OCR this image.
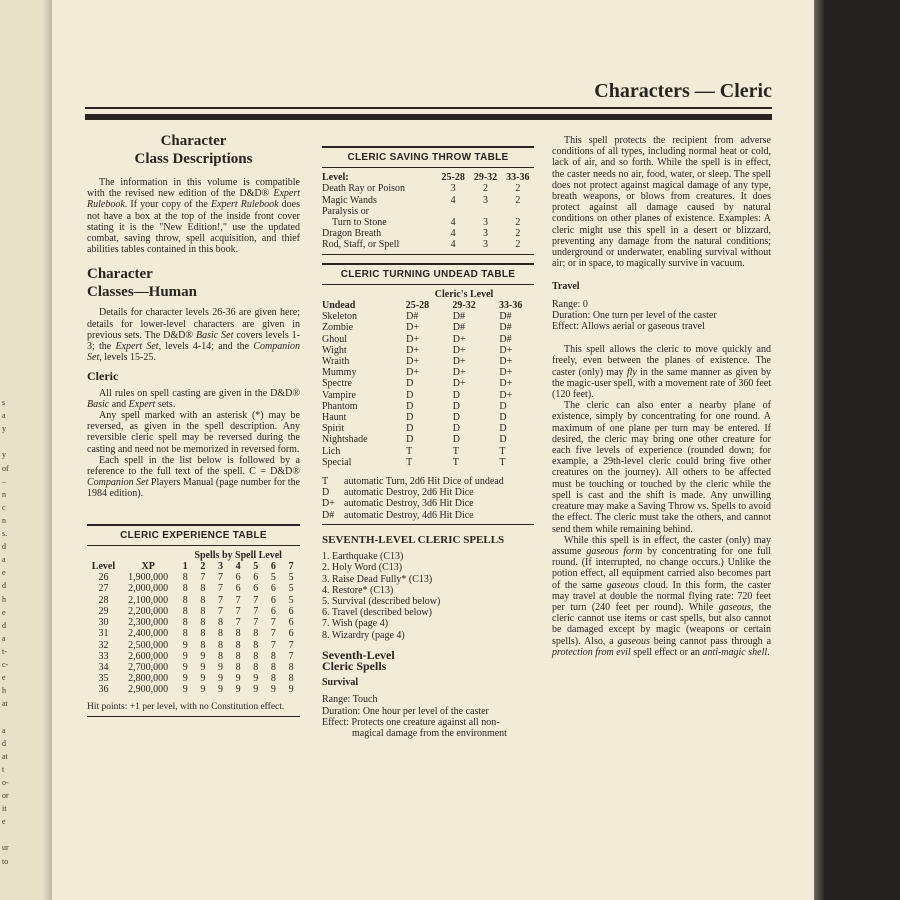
s
a
y
y
of
–
n
c
n
s.
d
a
e
d
h
e
d
a
t-
c-
e
h
at
a
d
at
t
o-
or
it
e
ur
to
Characters — Cleric
Character
Class Descriptions

The information in this volume is compatible with the revised new edition of the D&D® Expert Rulebook. If your copy of the Expert Rulebook does not have a box at the top of the inside front cover stating it is the "New Edition!," use the updated combat, saving throw, spell acquisition, and thief abilities tables contained in this book.

Character
Classes—Human

Details for character levels 26-36 are given here; details for lower-level characters are given in previous sets. The D&D® Basic Set covers levels 1-3; the Expert Set, levels 4-14; and the Companion Set, levels 15-25.

Cleric

All rules on spell casting are given in the D&D® Basic and Expert sets.

Any spell marked with an asterisk (*) may be reversed, as given in the spell description. Any reversible cleric spell may be reversed during the casting and need not be memorized in reversed form.

Each spell in the list below is followed by a reference to the full text of the spell. C = D&D® Companion Set Players Manual (page number for the 1984 edition).

CLERIC EXPERIENCE TABLE
		Spells by Spell Level						
Level	XP	1	2	3	4	5	6	7
26	1,900,000	8	7	7	6	6	5	5
27	2,000,000	8	8	7	6	6	6	5
28	2,100,000	8	8	7	7	7	6	5
29	2,200,000	8	8	7	7	7	6	6
30	2,300,000	8	8	8	7	7	7	6
31	2,400,000	8	8	8	8	8	7	6
32	2,500,000	9	8	8	8	8	7	7
33	2,600,000	9	9	8	8	8	8	7
34	2,700,000	9	9	9	8	8	8	8
35	2,800,000	9	9	9	9	9	8	8
36	2,900,000	9	9	9	9	9	9	9

Hit points: +1 per level, with no Constitution effect.

CLERIC SAVING THROW TABLE
Level:	25-28	29-32	33-36
Death Ray or Poison	3	2	2
Magic Wands	4	3	2
Paralysis or			
Turn to Stone	4	3	2
Dragon Breath	4	3	2
Rod, Staff, or Spell	4	3	2
CLERIC TURNING UNDEAD TABLE
	Cleric's Level		
Undead	25-28	29-32	33-36
Skeleton	D#	D#	D#
Zombie	D+	D#	D#
Ghoul	D+	D+	D#
Wight	D+	D+	D+
Wraith	D+	D+	D+
Mummy	D+	D+	D+
Spectre	D	D+	D+
Vampire	D	D	D+
Phantom	D	D	D
Haunt	D	D	D
Spirit	D	D	D
Nightshade	D	D	D
Lich	T	T	T
Special	T	T	T
T	automatic Turn, 2d6 Hit Dice of undead
D	automatic Destroy, 2d6 Hit Dice
D+ automatic Destroy, 3d6 Hit Dice
D# automatic Destroy, 4d6 Hit Dice
SEVENTH-LEVEL CLERIC SPELLS
1. Earthquake (C13)
2. Holy Word (C13)
3. Raise Dead Fully* (C13)
4. Restore* (C13)
5. Survival (described below)
6. Travel (described below)
7. Wish (page 4)
8. Wizardry (page 4)
Seventh-Level
Cleric Spells
Survival
Range: Touch
Duration: One hour per level of the caster
Effect: Protects one creature against all non-
magical damage from the environment

This spell protects the recipient from adverse conditions of all types, including normal heat or cold, lack of air, and so forth. While the spell is in effect, the caster needs no air, food, water, or sleep. The spell does not protect against magical damage of any type, breath weapons, or blows from creatures. It does protect against all damage caused by natural conditions on other planes of existence. Examples: A cleric might use this spell in a desert or blizzard, preventing any damage from the natural conditions; underground or underwater, enabling survival without air; or in space, to magically survive in vacuum.

Travel
Range: 0
Duration: One turn per level of the caster
Effect: Allows aerial or gaseous travel

This spell allows the cleric to move quickly and freely, even between the planes of existence. The caster (only) may fly in the same manner as given by the magic-user spell, with a movement rate of 360 feet (120 feet).

The cleric can also enter a nearby plane of existence, simply by concentrating for one round. A maximum of one plane per turn may be entered. If desired, the cleric may bring one other creature for each five levels of experience (rounded down; for example, a 29th-level cleric could bring five other creatures on the journey). All others to be affected must be touching or touched by the cleric while the spell is cast and the shift is made. Any unwilling creature may make a Saving Throw vs. Spells to avoid the effect. The cleric must take the others, and cannot send them while remaining behind.

While this spell is in effect, the caster (only) may assume gaseous form by concentrating for one full round. (If interrupted, no change occurs.) Unlike the potion effect, all equipment carried also becomes part of the same gaseous cloud. In this form, the caster may travel at double the normal flying rate: 720 feet per turn (240 feet per round). While gaseous, the cleric cannot use items or cast spells, but also cannot be damaged except by magic (weapons or certain spells). Also, a gaseous being cannot pass through a protection from evil spell effect or an anti-magic shell.
